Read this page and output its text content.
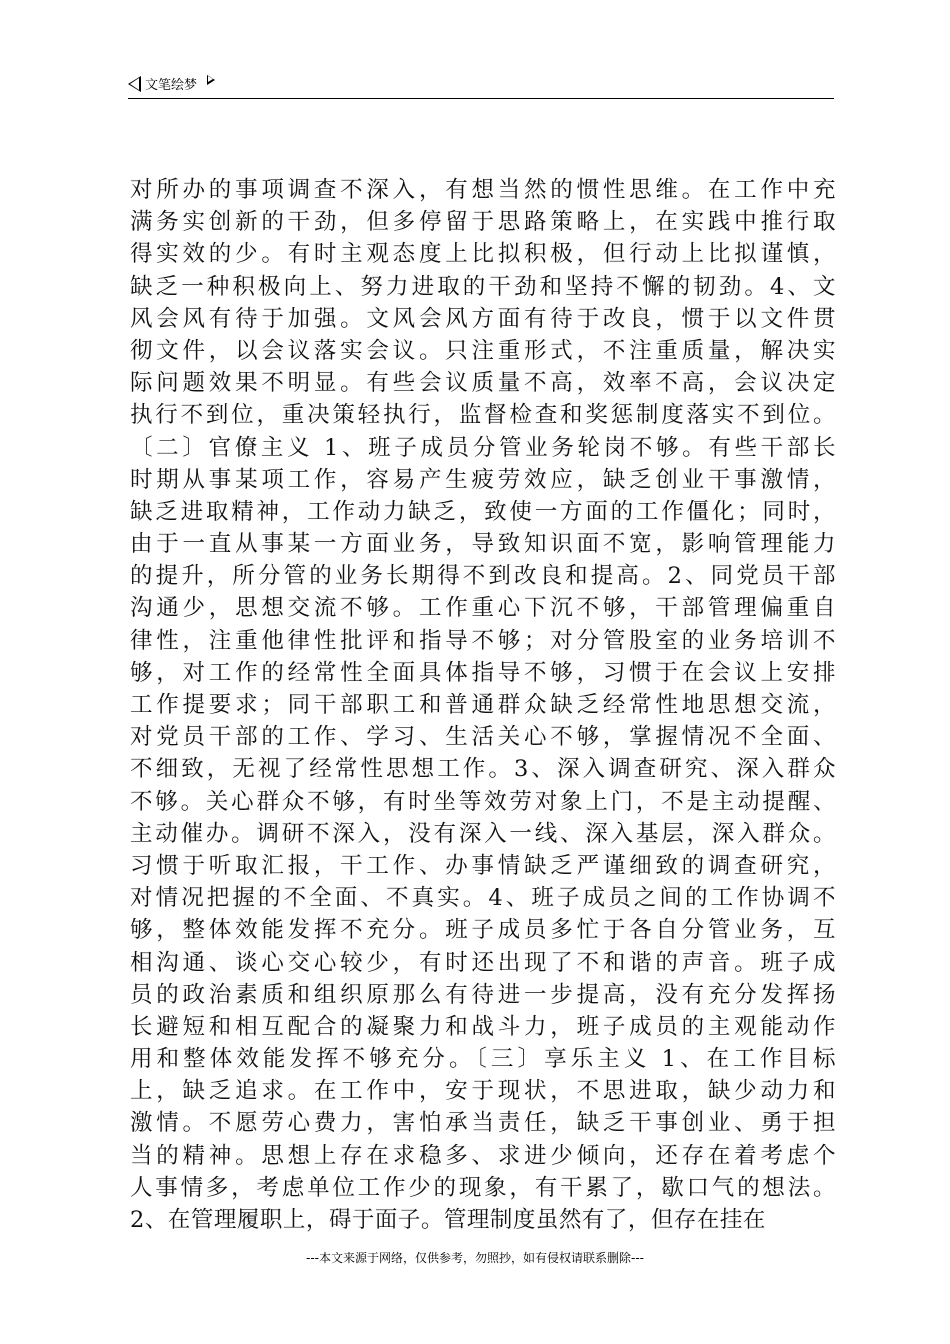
文笔绘梦
对所办的事项调查不深入，有想当然的惯性思维。在工作中充
满务实创新的干劲，但多停留于思路策略上，在实践中推行取
得实效的少。有时主观态度上比拟积极，但行动上比拟谨慎，
缺乏一种积极向上、努力进取的干劲和坚持不懈的韧劲。4、文
风会风有待于加强。文风会风方面有待于改良，惯于以文件贯
彻文件，以会议落实会议。只注重形式，不注重质量，解决实
际问题效果不明显。有些会议质量不高，效率不高，会议决定
执行不到位，重决策轻执行，监督检查和奖惩制度落实不到位。
〔二〕官僚主义 1、班子成员分管业务轮岗不够。有些干部长
时期从事某项工作，容易产生疲劳效应，缺乏创业干事激情，
缺乏进取精神，工作动力缺乏，致使一方面的工作僵化；同时，
由于一直从事某一方面业务，导致知识面不宽，影响管理能力
的提升，所分管的业务长期得不到改良和提高。2、同党员干部
沟通少，思想交流不够。工作重心下沉不够，干部管理偏重自
律性，注重他律性批评和指导不够；对分管股室的业务培训不
够，对工作的经常性全面具体指导不够，习惯于在会议上安排
工作提要求；同干部职工和普通群众缺乏经常性地思想交流，
对党员干部的工作、学习、生活关心不够，掌握情况不全面、
不细致，无视了经常性思想工作。3、深入调查研究、深入群众
不够。关心群众不够，有时坐等效劳对象上门，不是主动提醒、
主动催办。调研不深入，没有深入一线、深入基层，深入群众。
习惯于听取汇报，干工作、办事情缺乏严谨细致的调查研究，
对情况把握的不全面、不真实。4、班子成员之间的工作协调不
够，整体效能发挥不充分。班子成员多忙于各自分管业务，互
相沟通、谈心交心较少，有时还出现了不和谐的声音。班子成
员的政治素质和组织原那么有待进一步提高，没有充分发挥扬
长避短和相互配合的凝聚力和战斗力，班子成员的主观能动作
用和整体效能发挥不够充分。〔三〕享乐主义 1、在工作目标
上，缺乏追求。在工作中，安于现状，不思进取，缺少动力和
激情。不愿劳心费力，害怕承当责任，缺乏干事创业、勇于担
当的精神。思想上存在求稳多、求进少倾向，还存在着考虑个
人事情多，考虑单位工作少的现象，有干累了，歇口气的想法。
2、在管理履职上，碍于面子。管理制度虽然有了，但存在挂在
---本文来源于网络，仅供参考，勿照抄，如有侵权请联系删除---
